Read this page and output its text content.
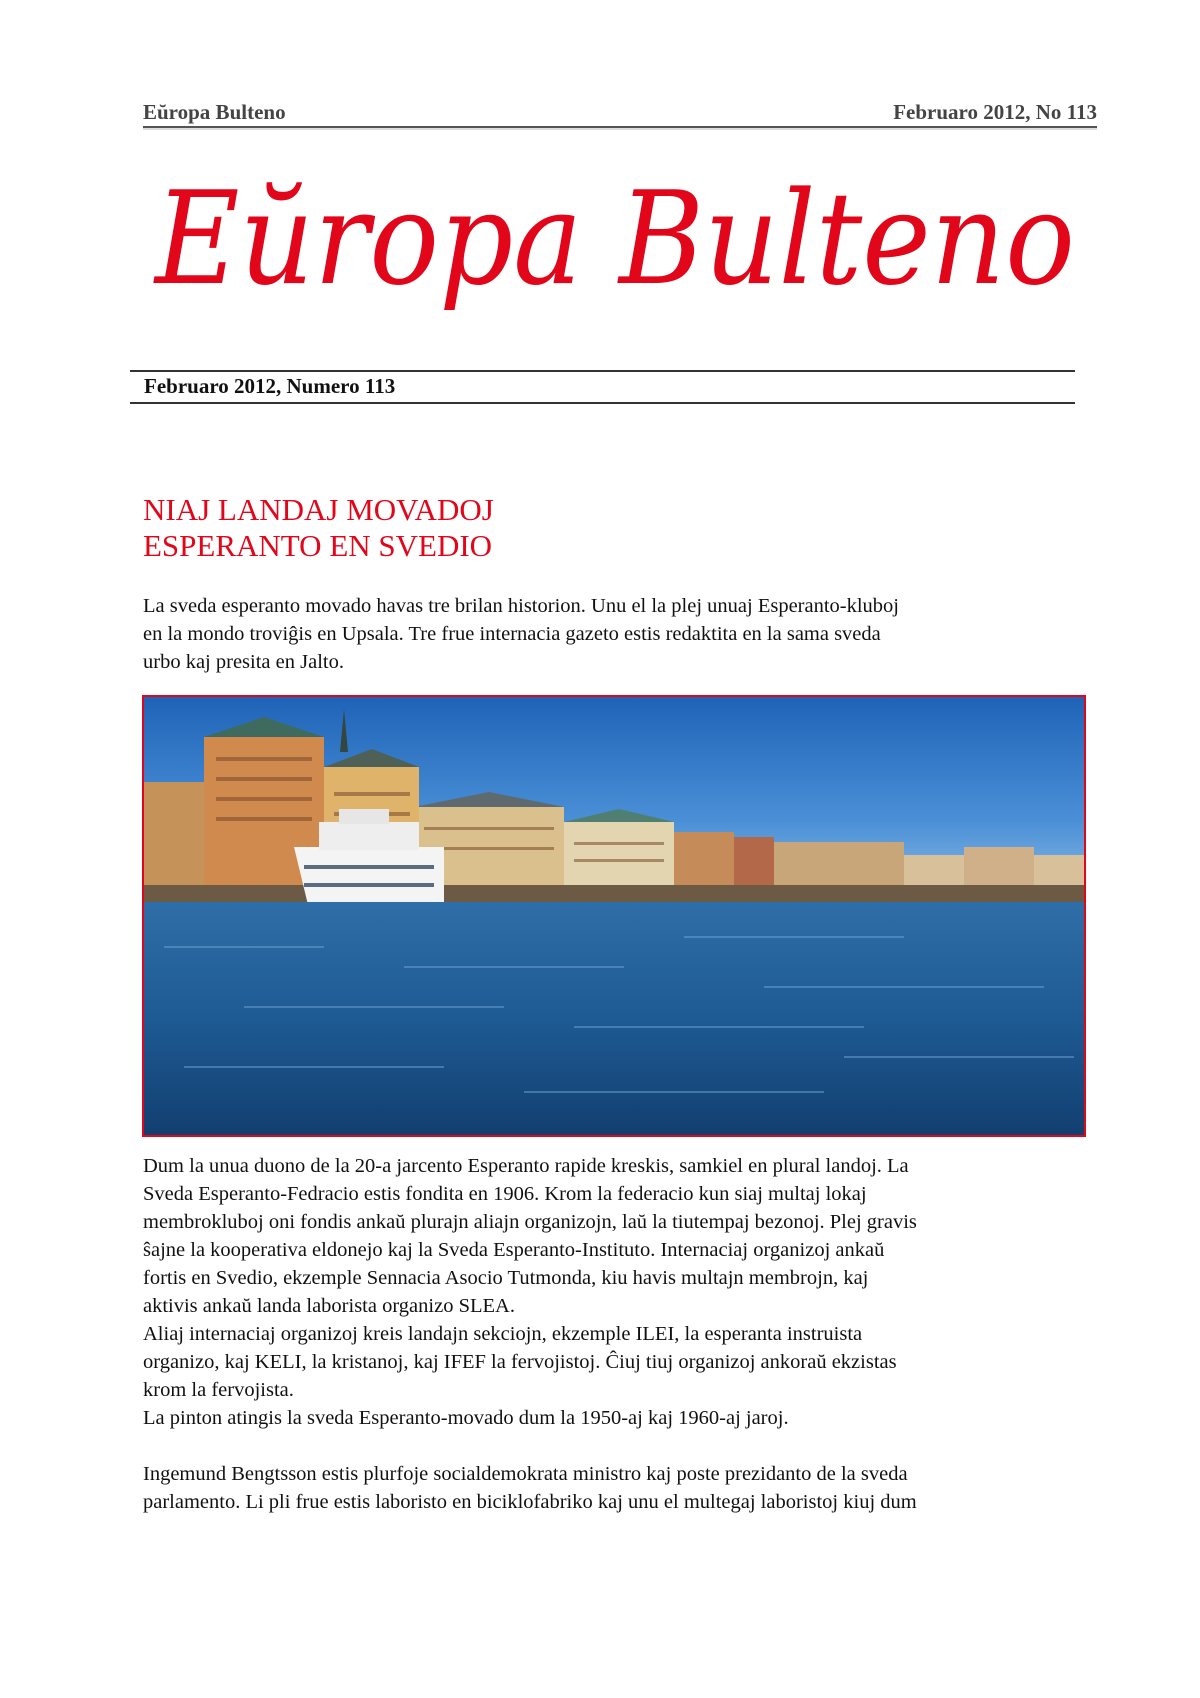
Eŭropa Bulteno	Februaro 2012, No 113
Eŭropa Bulteno
Februaro 2012, Numero 113
NIAJ LANDAJ MOVADOJ
ESPERANTO EN SVEDIO
La sveda esperanto movado havas tre brilan historion. Unu el la plej unuaj Esperanto-kluboj
en la mondo troviĝis en Upsala. Tre frue internacia gazeto estis redaktita en la sama sveda
urbo kaj presita en Jalto.
Dum la unua duono de la 20-a jarcento Esperanto rapide kreskis, samkiel en plural landoj. La
Sveda Esperanto-Fedracio estis fondita en 1906. Krom la federacio kun siaj multaj lokaj
membrokluboj oni fondis ankaŭ plurajn aliajn organizojn, laŭ la tiutempaj bezonoj. Plej gravis
ŝajne la kooperativa eldonejo kaj la Sveda Esperanto-Instituto. Internaciaj organizoj ankaŭ
fortis en Svedio, ekzemple Sennacia Asocio Tutmonda, kiu havis multajn membrojn, kaj
aktivis ankaŭ landa laborista organizo SLEA.
Aliaj internaciaj organizoj kreis landajn sekciojn, ekzemple ILEI, la esperanta instruista
organizo, kaj KELI, la kristanoj, kaj IFEF la fervojistoj. Ĉiuj tiuj organizoj ankoraŭ ekzistas
krom la fervojista.
La pinton atingis la sveda Esperanto-movado dum la 1950-aj kaj 1960-aj jaroj.
Ingemund Bengtsson estis plurfoje socialdemokrata ministro kaj poste prezidanto de la sveda
parlamento. Li pli frue estis laboristo en biciklofabriko kaj unu el multegaj laboristoj kiuj dum
